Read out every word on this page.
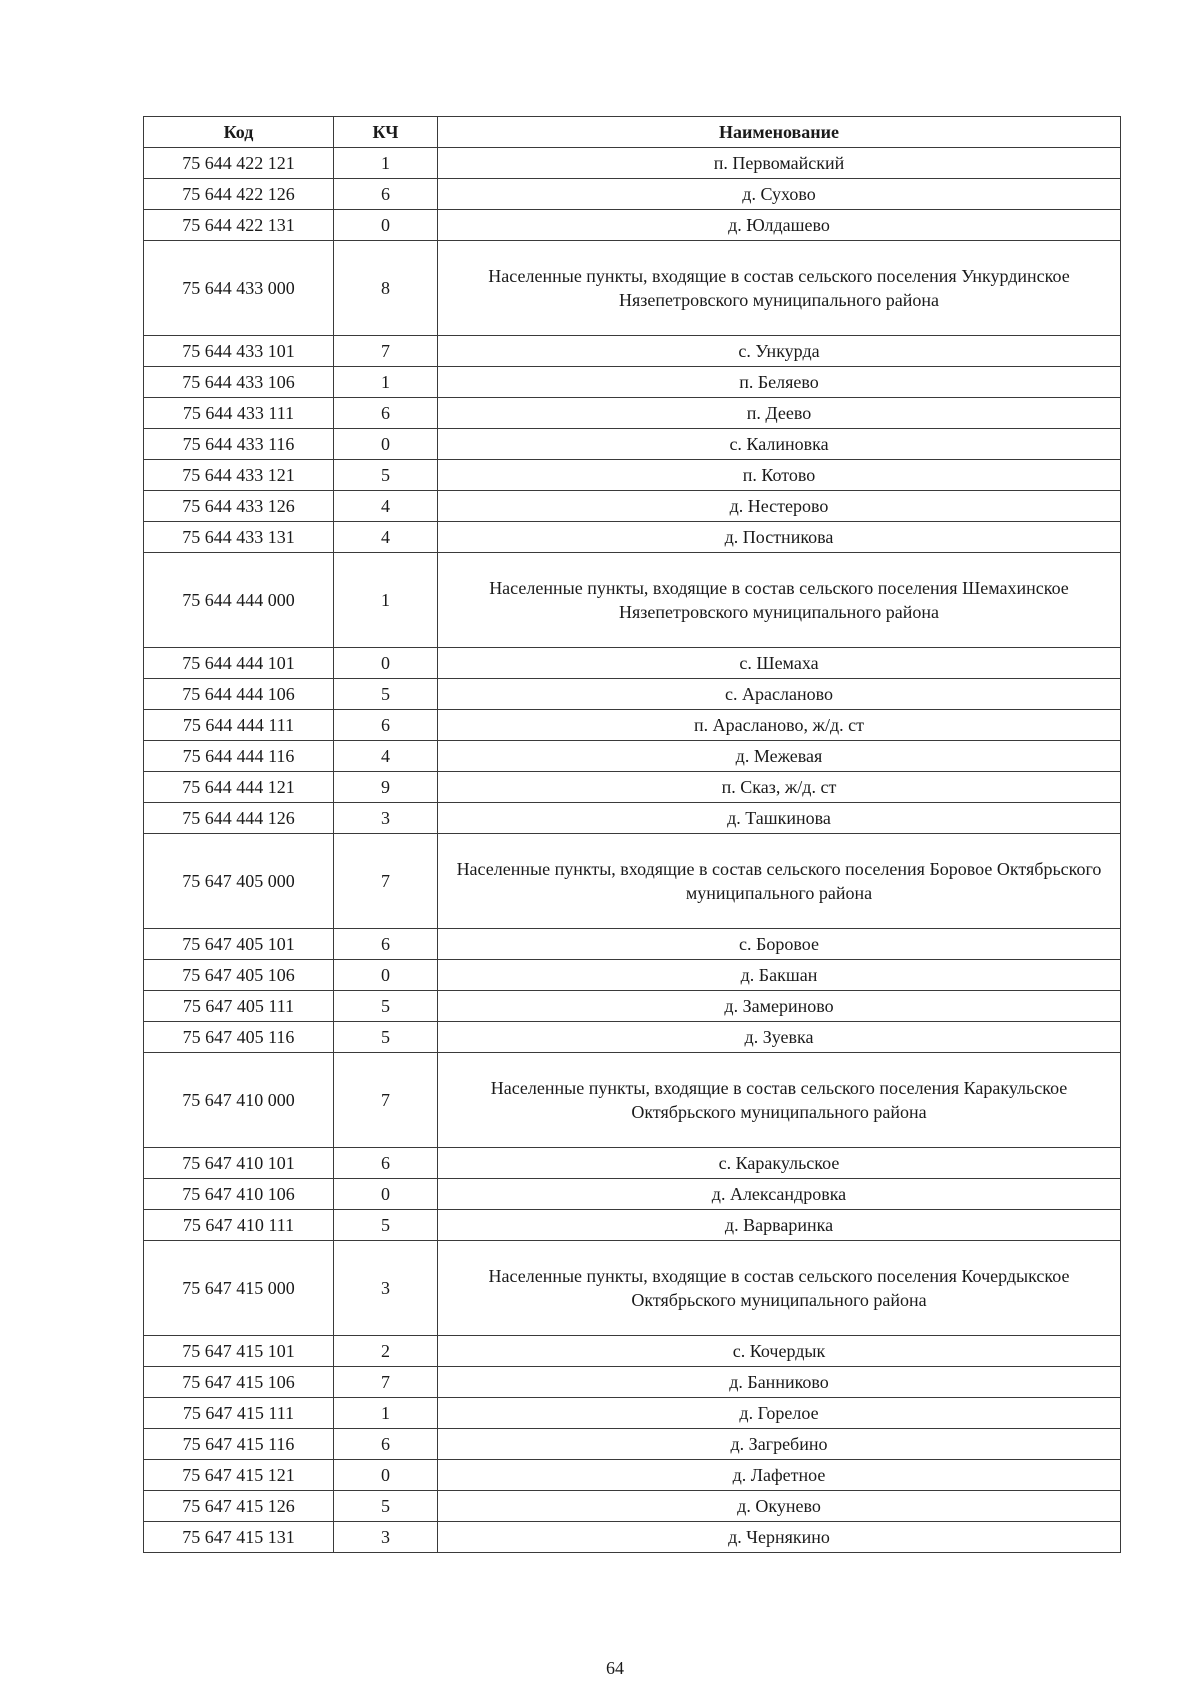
Код	КЧ	Наименование
75 644 422 121	1	п. Первомайский
75 644 422 126	6	д. Сухово
75 644 422 131	0	д. Юлдашево
75 644 433 000	8	Населенные пункты, входящие в состав сельского поселения Ункурдинское Нязепетровского муниципального района
75 644 433 101	7	с. Ункурда
75 644 433 106	1	п. Беляево
75 644 433 111	6	п. Деево
75 644 433 116	0	с. Калиновка
75 644 433 121	5	п. Котово
75 644 433 126	4	д. Нестерово
75 644 433 131	4	д. Постникова
75 644 444 000	1	Населенные пункты, входящие в состав сельского поселения Шемахинское Нязепетровского муниципального района
75 644 444 101	0	с. Шемаха
75 644 444 106	5	с. Арасланово
75 644 444 111	6	п. Арасланово, ж/д. ст
75 644 444 116	4	д. Межевая
75 644 444 121	9	п. Сказ, ж/д. ст
75 644 444 126	3	д. Ташкинова
75 647 405 000	7	Населенные пункты, входящие в состав сельского поселения Боровое Октябрьского муниципального района
75 647 405 101	6	с. Боровое
75 647 405 106	0	д. Бакшан
75 647 405 111	5	д. Замериново
75 647 405 116	5	д. Зуевка
75 647 410 000	7	Населенные пункты, входящие в состав сельского поселения Каракульское Октябрьского муниципального района
75 647 410 101	6	с. Каракульское
75 647 410 106	0	д. Александровка
75 647 410 111	5	д. Варваринка
75 647 415 000	3	Населенные пункты, входящие в состав сельского поселения Кочердыкское Октябрьского муниципального района
75 647 415 101	2	с. Кочердык
75 647 415 106	7	д. Банниково
75 647 415 111	1	д. Горелое
75 647 415 116	6	д. Загребино
75 647 415 121	0	д. Лафетное
75 647 415 126	5	д. Окунево
75 647 415 131	3	д. Чернякино
64
